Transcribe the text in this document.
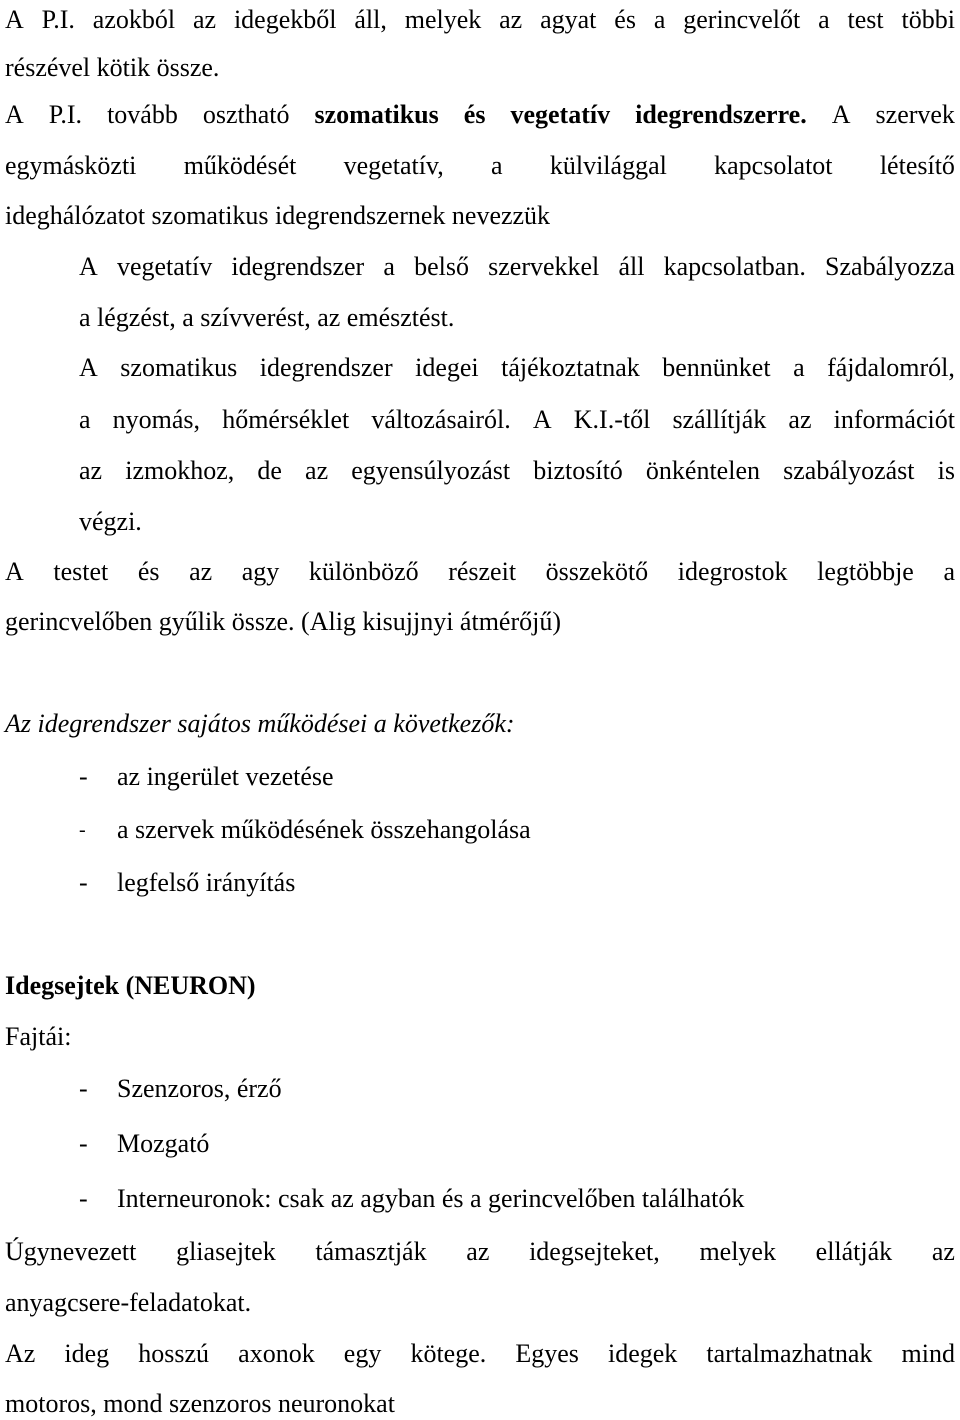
A P.I. azokból az idegekből áll, melyek az agyat és a gerincvelőt a test többi
részével kötik össze.
A P.I. tovább osztható szomatikus és vegetatív idegrendszerre. A szervek
egymásközti működését vegetatív, a külvilággal kapcsolatot létesítő
ideghálózatot szomatikus idegrendszernek nevezzük
A vegetatív idegrendszer a belső szervekkel áll kapcsolatban. Szabályozza
a légzést, a szívverést, az emésztést.
A szomatikus idegrendszer idegei tájékoztatnak bennünket a fájdalomról,
a nyomás, hőmérséklet változásairól. A K.I.-től szállítják az információt
az izmokhoz, de az egyensúlyozást biztosító önkéntelen szabályozást is
végzi.
A testet és az agy különböző részeit összekötő idegrostok legtöbbje a
gerincvelőben gyűlik össze. (Alig kisujjnyi átmérőjű)
Az idegrendszer sajátos működései a következők:
- az ingerület vezetése
- a szervek működésének összehangolása
- legfelső irányítás
Idegsejtek (NEURON)
Fajtái:
- Szenzoros, érző
- Mozgató
- Interneuronok: csak az agyban és a gerincvelőben találhatók
Úgynevezett gliasejtek támasztják az idegsejteket, melyek ellátják az
anyagcsere-feladatokat.
Az ideg hosszú axonok egy kötege. Egyes idegek tartalmazhatnak mind
motoros, mond szenzoros neuronokat
